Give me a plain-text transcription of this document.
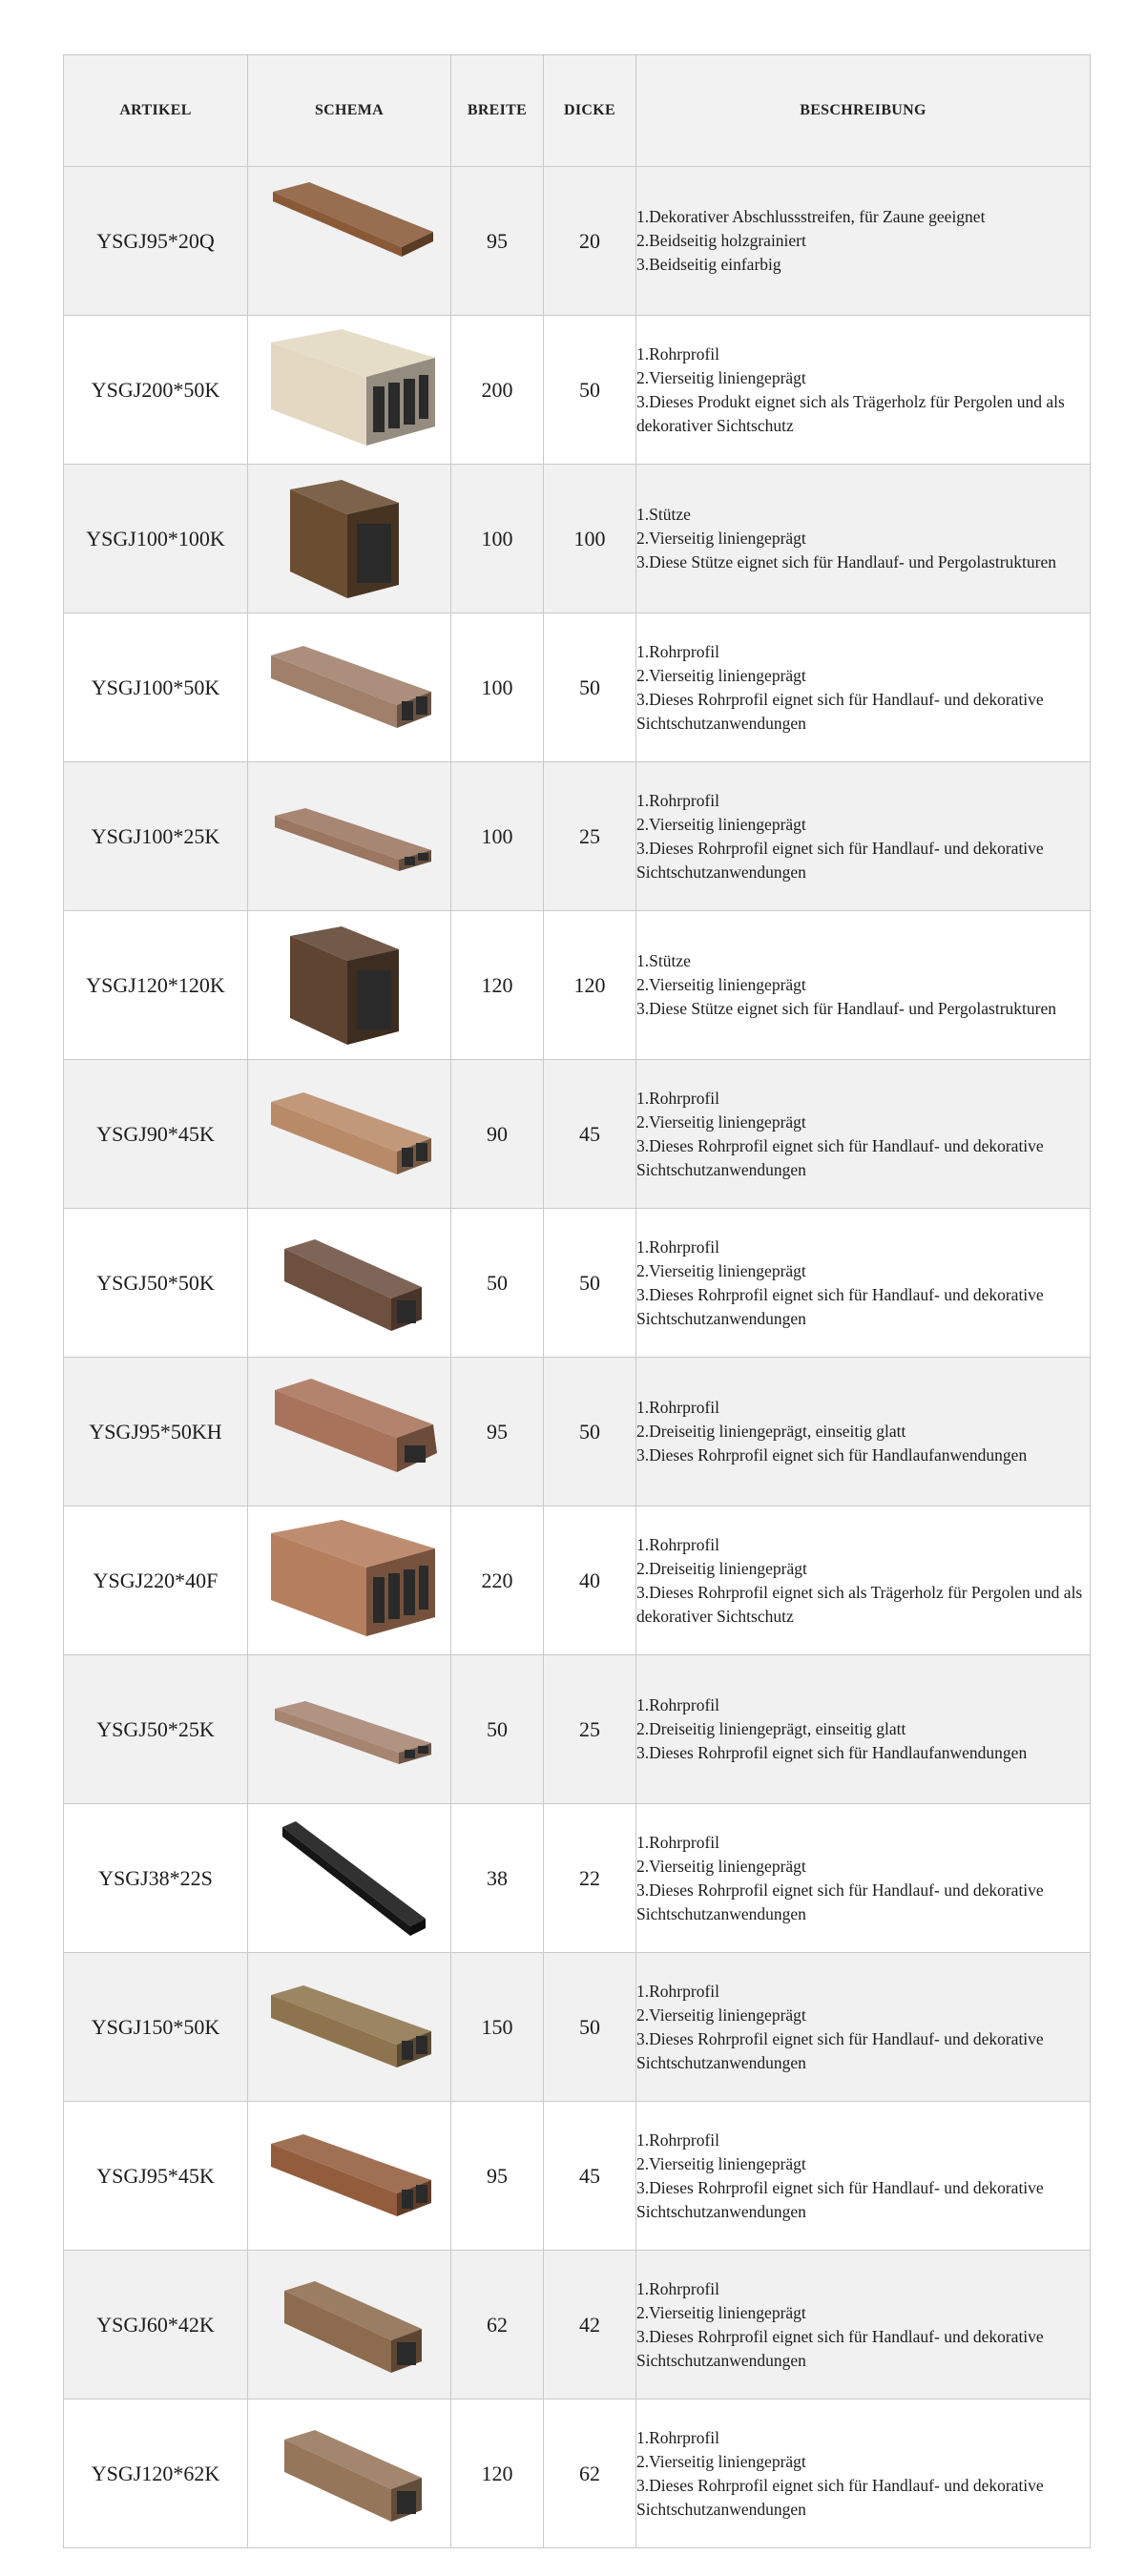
ARTIKEL	SCHEMA	BREITE	DICKE	BESCHREIBUNG
YSGJ95*20Q		95	20	1.Dekorativer Abschlussstreifen, für Zaune geeignet
2.Beidseitig holzgrainiert
3.Beidseitig einfarbig

YSGJ200*50K		200	50	1.Rohrprofil
2.Vierseitig liniengeprägt
3.Dieses Produkt eignet sich als Trägerholz für Pergolen und als dekorativer Sichtschutz

YSGJ100*100K		100	100	1.Stütze
2.Vierseitig liniengeprägt
3.Diese Stütze eignet sich für Handlauf- und Pergolastrukturen

YSGJ100*50K		100	50	1.Rohrprofil
2.Vierseitig liniengeprägt
3.Dieses Rohrprofil eignet sich für Handlauf- und dekorative Sichtschutzanwendungen

YSGJ100*25K		100	25	1.Rohrprofil
2.Vierseitig liniengeprägt
3.Dieses Rohrprofil eignet sich für Handlauf- und dekorative Sichtschutzanwendungen

YSGJ120*120K		120	120	1.Stütze
2.Vierseitig liniengeprägt
3.Diese Stütze eignet sich für Handlauf- und Pergolastrukturen

YSGJ90*45K		90	45	1.Rohrprofil
2.Vierseitig liniengeprägt
3.Dieses Rohrprofil eignet sich für Handlauf- und dekorative Sichtschutzanwendungen

YSGJ50*50K		50	50	1.Rohrprofil
2.Vierseitig liniengeprägt
3.Dieses Rohrprofil eignet sich für Handlauf- und dekorative Sichtschutzanwendungen

YSGJ95*50KH		95	50	1.Rohrprofil
2.Dreiseitig liniengeprägt, einseitig glatt
3.Dieses Rohrprofil eignet sich für Handlaufanwendungen

YSGJ220*40F		220	40	1.Rohrprofil
2.Dreiseitig liniengeprägt
3.Dieses Rohrprofil eignet sich als Trägerholz für Pergolen und als dekorativer Sichtschutz

YSGJ50*25K		50	25	1.Rohrprofil
2.Dreiseitig liniengeprägt, einseitig glatt
3.Dieses Rohrprofil eignet sich für Handlaufanwendungen

YSGJ38*22S		38	22	1.Rohrprofil
2.Vierseitig liniengeprägt
3.Dieses Rohrprofil eignet sich für Handlauf- und dekorative Sichtschutzanwendungen

YSGJ150*50K		150	50	1.Rohrprofil
2.Vierseitig liniengeprägt
3.Dieses Rohrprofil eignet sich für Handlauf- und dekorative Sichtschutzanwendungen

YSGJ95*45K		95	45	1.Rohrprofil
2.Vierseitig liniengeprägt
3.Dieses Rohrprofil eignet sich für Handlauf- und dekorative Sichtschutzanwendungen

YSGJ60*42K		62	42	1.Rohrprofil
2.Vierseitig liniengeprägt
3.Dieses Rohrprofil eignet sich für Handlauf- und dekorative Sichtschutzanwendungen

YSGJ120*62K		120	62	1.Rohrprofil
2.Vierseitig liniengeprägt
3.Dieses Rohrprofil eignet sich für Handlauf- und dekorative Sichtschutzanwendungen
